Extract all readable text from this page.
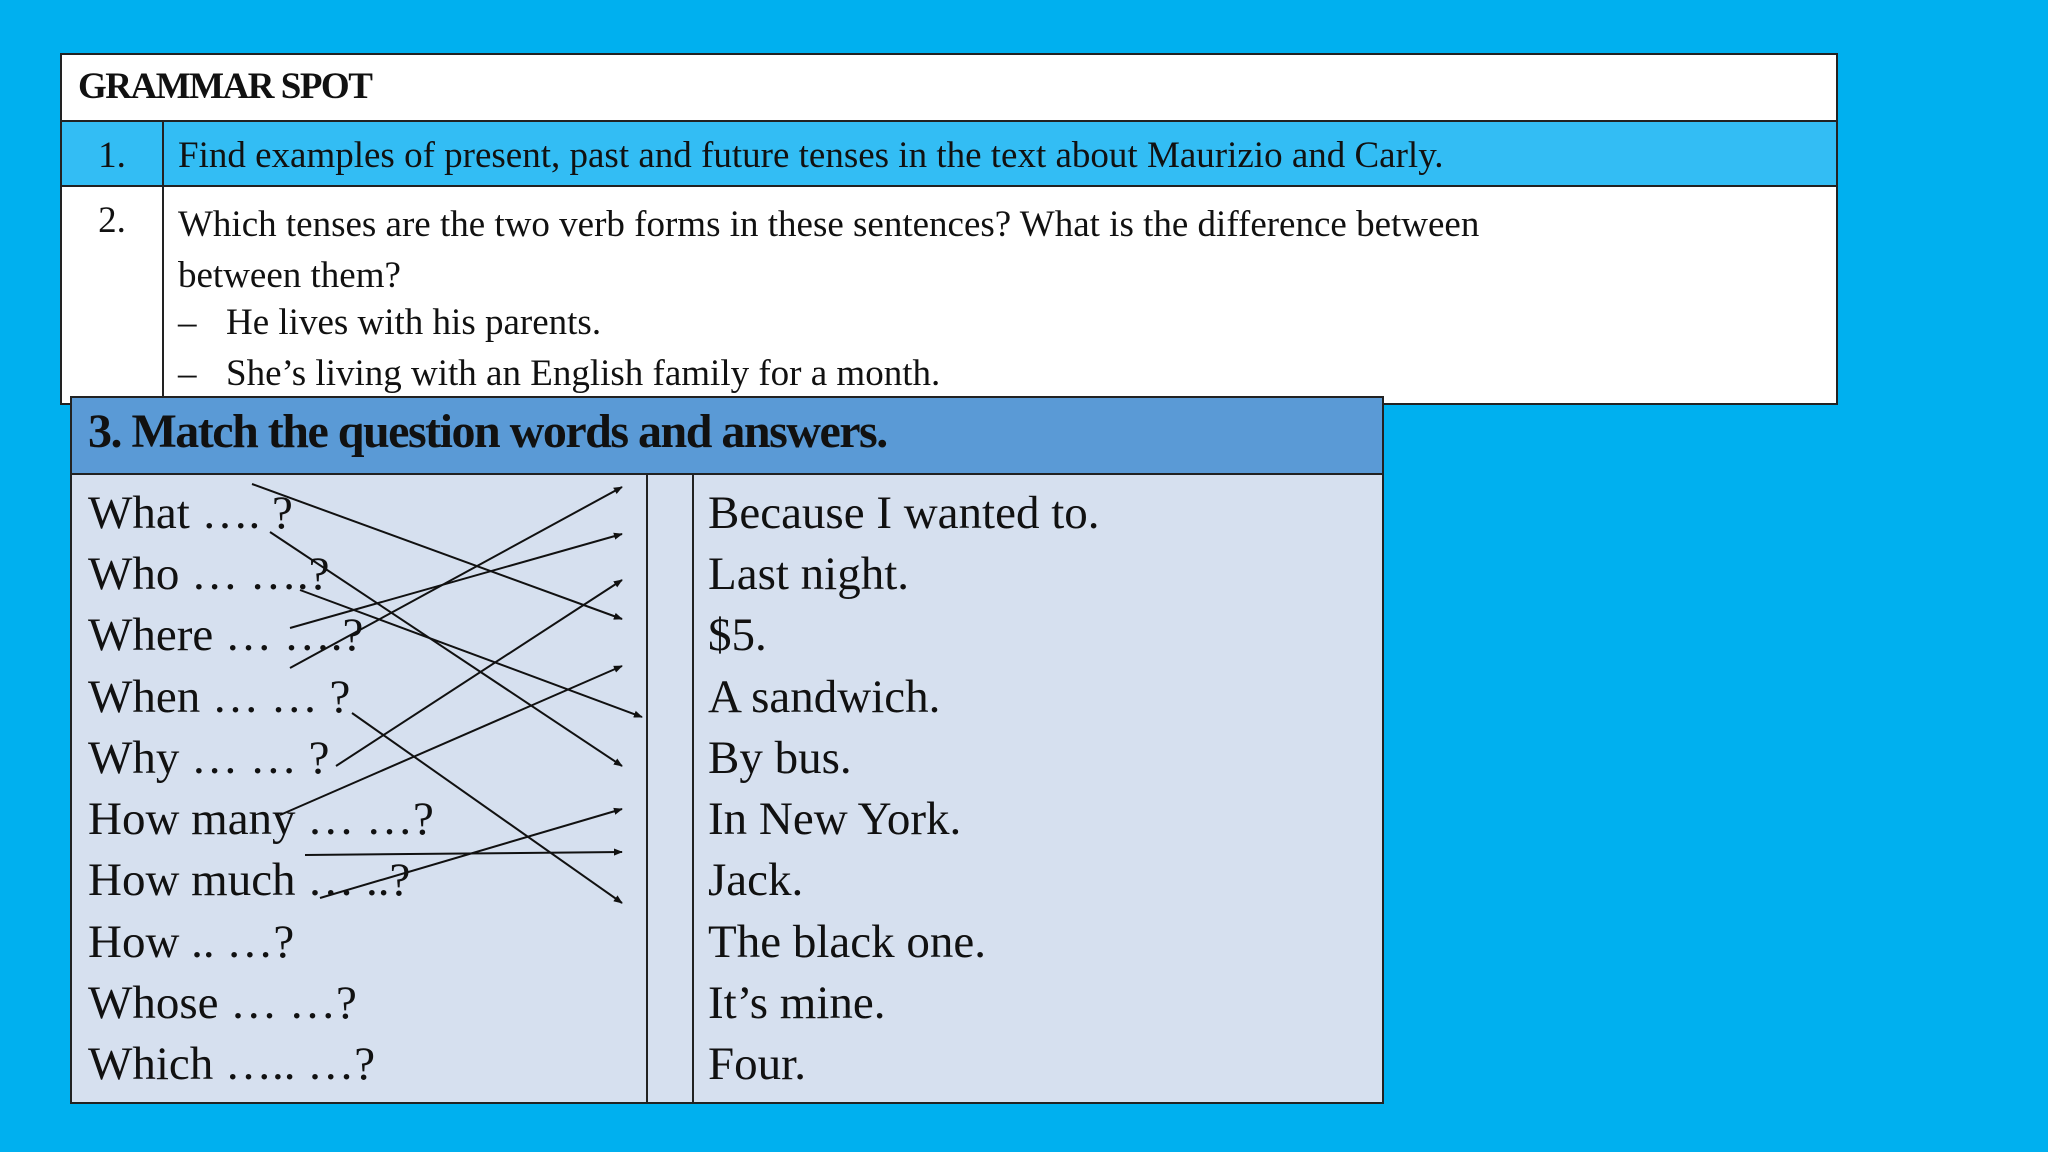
GRAMMAR SPOT
1.	Find examples of present, past and future tenses in the text about Maurizio and Carly.
2.	Which tenses are the two verb forms in these sentences? What is the difference between
between them?
– He lives with his parents.
– She’s living with an English family for a month.
3. Match the question words and answers.
What …. ?
Who … ….?
Where … ….?
When … … ?
Why … … ?
How many … …?
How much … ..?
How .. …?
Whose … …?
Which ….. …?
Because I wanted to.
Last night.
$5.
A sandwich.
By bus.
In New York.
Jack.
The black one.
It’s mine.
Four.
